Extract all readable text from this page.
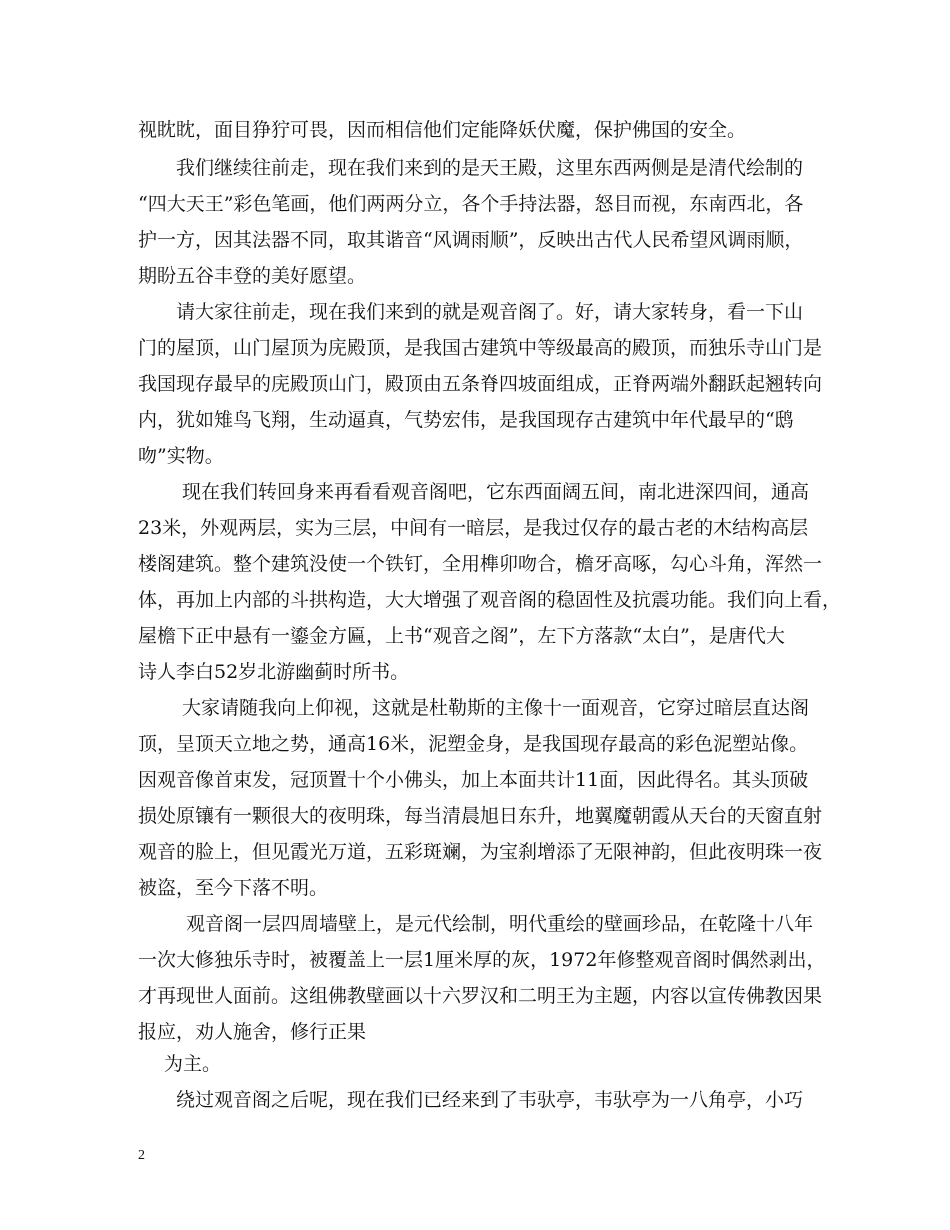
视眈眈，面目狰狞可畏，因而相信他们定能降妖伏魔，保护佛国的安全。
我们继续往前走，现在我们来到的是天王殿，这里东西两侧是是清代绘制的
“四大天王”彩色笔画，他们两两分立，各个手持法器，怒目而视，东南西北，各
护一方，因其法器不同，取其谐音“风调雨顺”，反映出古代人民希望风调雨顺，
期盼五谷丰登的美好愿望。
请大家往前走，现在我们来到的就是观音阁了。好，请大家转身，看一下山
门的屋顶，山门屋顶为庑殿顶，是我国古建筑中等级最高的殿顶，而独乐寺山门是
我国现存最早的庑殿顶山门，殿顶由五条脊四坡面组成，正脊两端外翻跃起翘转向
内，犹如雉鸟飞翔，生动逼真，气势宏伟，是我国现存古建筑中年代最早的“鸱
吻”实物。
现在我们转回身来再看看观音阁吧，它东西面阔五间，南北进深四间，通高
23米，外观两层，实为三层，中间有一暗层，是我过仅存的最古老的木结构高层
楼阁建筑。整个建筑没使一个铁钉，全用榫卯吻合，檐牙高啄，勾心斗角，浑然一
体，再加上内部的斗拱构造，大大增强了观音阁的稳固性及抗震功能。我们向上看，
屋檐下正中悬有一鎏金方匾，上书“观音之阁”，左下方落款“太白”，是唐代大
诗人李白52岁北游幽蓟时所书。
大家请随我向上仰视，这就是杜勒斯的主像十一面观音，它穿过暗层直达阁
顶，呈顶天立地之势，通高16米，泥塑金身，是我国现存最高的彩色泥塑站像。
因观音像首束发，冠顶置十个小佛头，加上本面共计11面，因此得名。其头顶破
损处原镶有一颗很大的夜明珠，每当清晨旭日东升，地翼魔朝霞从天台的天窗直射
观音的脸上，但见霞光万道，五彩斑斓，为宝刹增添了无限神韵，但此夜明珠一夜
被盗，至今下落不明。
观音阁一层四周墙壁上，是元代绘制，明代重绘的壁画珍品，在乾隆十八年
一次大修独乐寺时，被覆盖上一层1厘米厚的灰，1972年修整观音阁时偶然剥出，
才再现世人面前。这组佛教壁画以十六罗汉和二明王为主题，内容以宣传佛教因果
报应，劝人施舍，修行正果
为主。
绕过观音阁之后呢，现在我们已经来到了韦驮亭，韦驮亭为一八角亭，小巧
2
